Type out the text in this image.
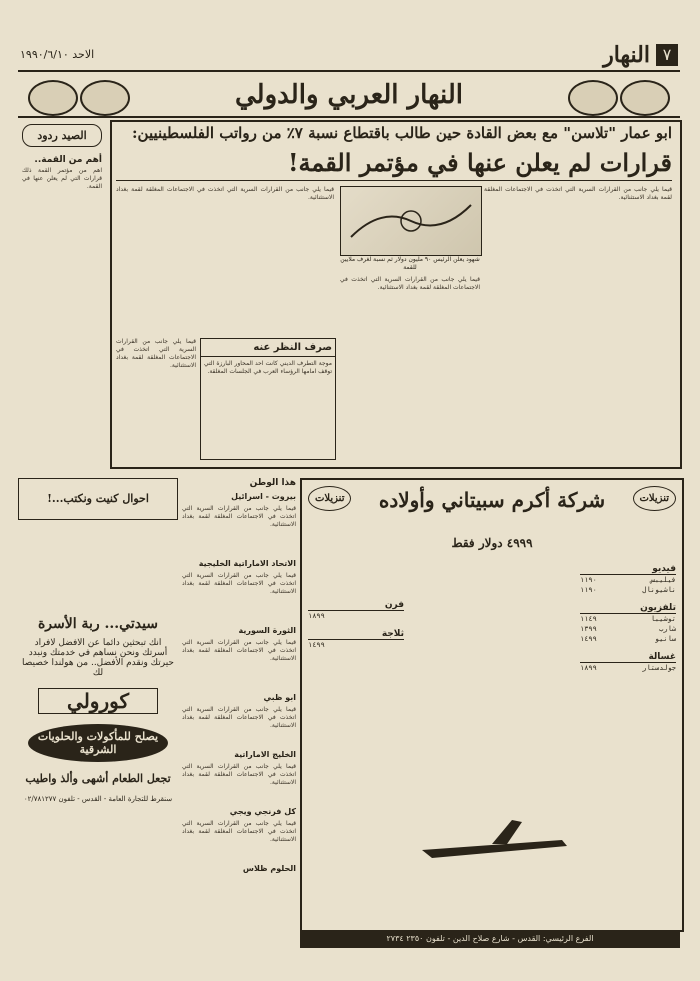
٧
النهار
الاحد ١٩٩٠/٦/١٠
النهار العربي والدولي
ابو عمار "تلاسن" مع بعض القادة حين طالب باقتطاع نسبة ٧٪ من رواتب الفلسطينيين:
قرارات لم يعلن عنها في مؤتمر القمة!
قيما يلي جانب من القرارات السرية التي اتخذت في الاجتماعات المغلقة لقمة بغداد الاستثنائية.
شهود يعلن الرئيس ٩٠ مليون دولار ثم نسبة لغرف ملايين للقمة
قيما يلي جانب من القرارات السرية التي اتخذت في الاجتماعات المغلقة لقمة بغداد الاستثنائية.
قيما يلي جانب من القرارات السرية التي اتخذت في الاجتماعات المغلقة لقمة بغداد الاستثنائية.
صرف النظر عنه
موجة التطرف الديني كانت احد المحاور البارزة التي توقف امامها الرؤساء العرب في الجلسات المغلقة.
قيما يلي جانب من القرارات السرية التي اتخذت في الاجتماعات المغلقة لقمة بغداد الاستثنائية.
الصيد ردود
أهم من القمة..
اهم من مؤتمر القمة ذلك قرارات التي لم يعلن عنها في القمة.
احوال كنيت ونكتب...!
سيدتي... ربة الأسرة
انك تبحثين دائما عن الافضل لافراد أسرتك ونحن نساهم في خدمتك ونبدد حيرتك ونقدم الأفضل.. من هولندا خصيصا لك
كورولي
يصلح للمأكولات والحلويات الشرقية
تجعل الطعام أشهى وألذ واطيب
سنقرط للتجارة العامة - القدس - تلفون ٠٢/٧٨١٢٧٧
هذا الوطن
بيروت - اسرائيل
قيما يلي جانب من القرارات السرية التي اتخذت في الاجتماعات المغلقة لقمة بغداد الاستثنائية.
الاتحاد الاماراتية الخليجية
قيما يلي جانب من القرارات السرية التي اتخذت في الاجتماعات المغلقة لقمة بغداد الاستثنائية.
الثورة السورية
قيما يلي جانب من القرارات السرية التي اتخذت في الاجتماعات المغلقة لقمة بغداد الاستثنائية.
ابو ظبي
قيما يلي جانب من القرارات السرية التي اتخذت في الاجتماعات المغلقة لقمة بغداد الاستثنائية.
الخليج الاماراتية
قيما يلي جانب من القرارات السرية التي اتخذت في الاجتماعات المغلقة لقمة بغداد الاستثنائية.
كل فرنجي ويجي
قيما يلي جانب من القرارات السرية التي اتخذت في الاجتماعات المغلقة لقمة بغداد الاستثنائية.
الحلوم ظلاس
شركة أكرم سبيتاني وأولاده
تنزيلات	تنزيلات
٤٩٩٩ دولار فقط
فيديو
١١٩٠	فيليبس
١١٩٠	ناشيونال
تلفزيون
١١٤٩	توشيبا
١٣٩٩	شارب
١٤٩٩	سانيو
غسالة
١٨٩٩	جولدستار
فرن
١٨٩٩
ثلاجة
١٤٩٩
الفرع الرئيسي: القدس - شارع صلاح الدين - تلفون ٢٣٥٠ ٢٧٣٤
